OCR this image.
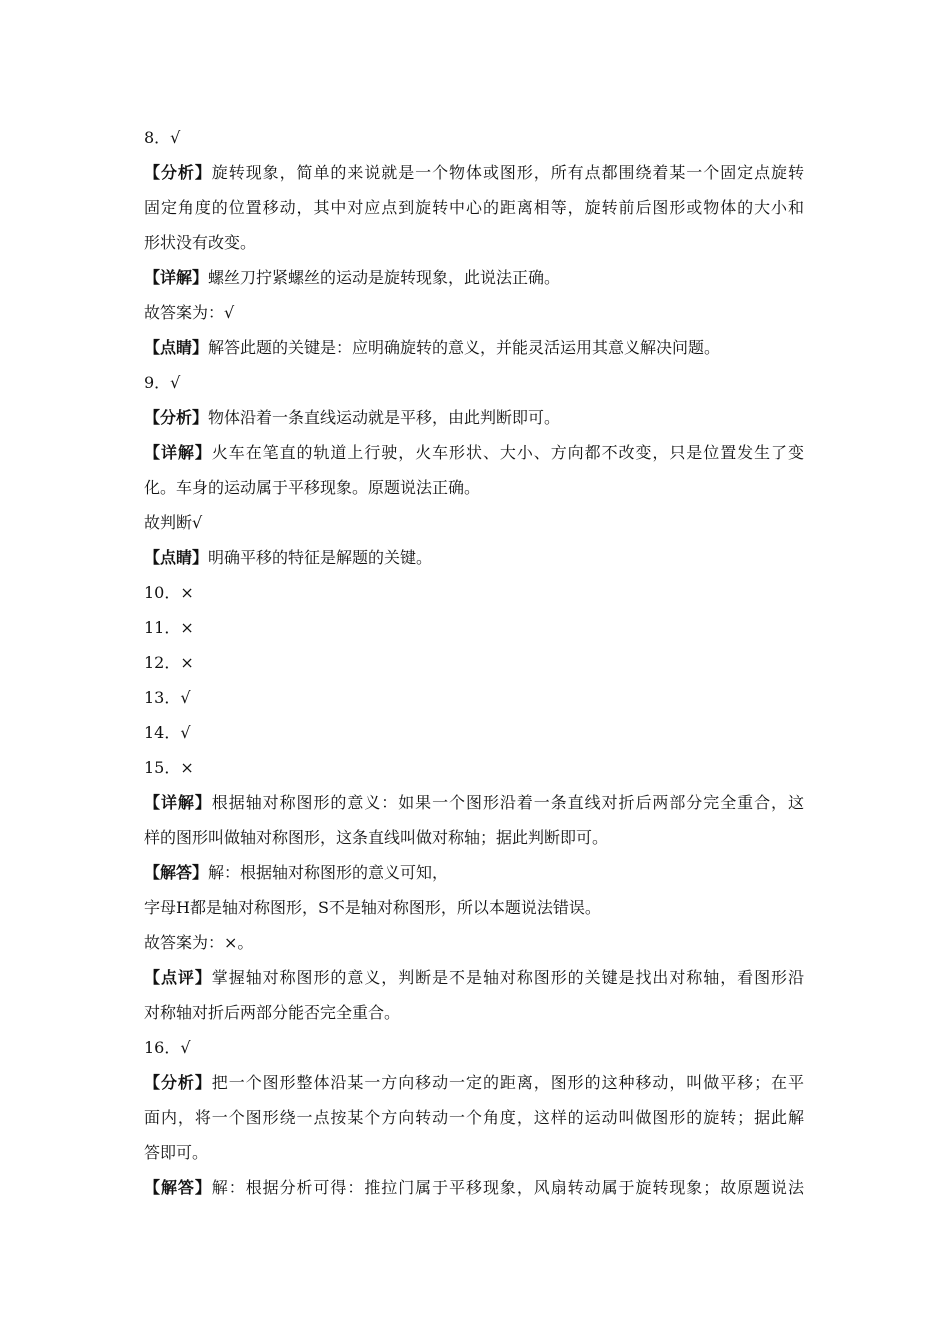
8．√
【分析】旋转现象，简单的来说就是一个物体或图形，所有点都围绕着某一个固定点旋转
固定角度的位置移动，其中对应点到旋转中心的距离相等，旋转前后图形或物体的大小和
形状没有改变。
【详解】螺丝刀拧紧螺丝的运动是旋转现象，此说法正确。
故答案为：√
【点睛】解答此题的关键是：应明确旋转的意义，并能灵活运用其意义解决问题。
9．√
【分析】物体沿着一条直线运动就是平移，由此判断即可。
【详解】火车在笔直的轨道上行驶，火车形状、大小、方向都不改变，只是位置发生了变
化。车身的运动属于平移现象。原题说法正确。
故判断√
【点睛】明确平移的特征是解题的关键。
10．×
11．×
12．×
13．√
14．√
15．×
【详解】根据轴对称图形的意义：如果一个图形沿着一条直线对折后两部分完全重合，这
样的图形叫做轴对称图形，这条直线叫做对称轴；据此判断即可。
【解答】解：根据轴对称图形的意义可知，
字母H都是轴对称图形，S不是轴对称图形，所以本题说法错误。
故答案为：×。
【点评】掌握轴对称图形的意义，判断是不是轴对称图形的关键是找出对称轴，看图形沿
对称轴对折后两部分能否完全重合。
16．√
【分析】把一个图形整体沿某一方向移动一定的距离，图形的这种移动，叫做平移；在平
面内，将一个图形绕一点按某个方向转动一个角度，这样的运动叫做图形的旋转；据此解
答即可。
【解答】解：根据分析可得：推拉门属于平移现象，风扇转动属于旋转现象；故原题说法
